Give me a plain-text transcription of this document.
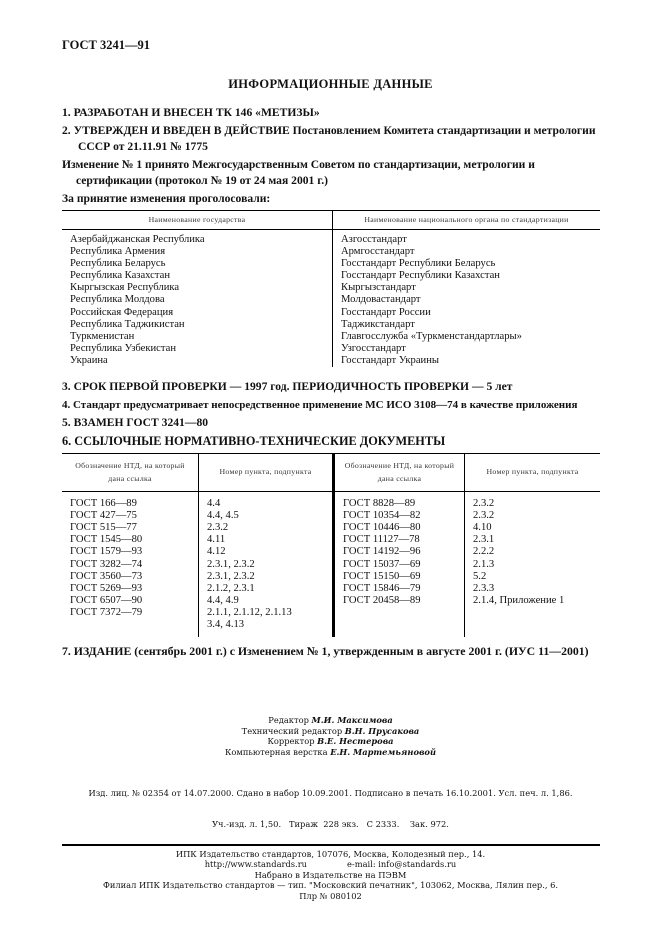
ГОСТ 3241—91
ИНФОРМАЦИОННЫЕ ДАННЫЕ
1. РАЗРАБОТАН И ВНЕСЕН ТК 146 «МЕТИЗЫ»
2. УТВЕРЖДЕН И ВВЕДЕН В ДЕЙСТВИЕ Постановлением Комитета стандартизации и метрологии СССР от 21.11.91 № 1775
Изменение № 1 принято Межгосударственным Советом по стандартизации, метрологии и сертификации (протокол № 19 от 24 мая 2001 г.)
За принятие изменения проголосовали:
Наименование государства	Наименование национального органа по стандартизации
Азербайджанская Республика	Азгосстандарт
Республика Армения	Армгосстандарт
Республика Беларусь	Госстандарт Республики Беларусь
Республика Казахстан	Госстандарт Республики Казахстан
Кыргызская Республика	Кыргызстандарт
Республика Молдова	Молдовастандарт
Российская Федерация	Госстандарт России
Республика Таджикистан	Таджикстандарт
Туркменистан	Главгосслужба «Туркменстандартлары»
Республика Узбекистан	Узгосстандарт
Украина	Госстандарт Украины
3. СРОК ПЕРВОЙ ПРОВЕРКИ — 1997 год. ПЕРИОДИЧНОСТЬ ПРОВЕРКИ — 5 лет
4. Стандарт предусматривает непосредственное применение МС ИСО 3108—74 в качестве приложения
5. ВЗАМЕН ГОСТ 3241—80
6. ССЫЛОЧНЫЕ НОРМАТИВНО-ТЕХНИЧЕСКИЕ ДОКУМЕНТЫ
Обозначение НТД, на который дана ссылка	Номер пункта, подпункта	Обозначение НТД, на который дана ссылка	Номер пункта, подпункта
ГОСТ 166—89	4.4	ГОСТ 8828—89	2.3.2
ГОСТ 427—75	4.4, 4.5	ГОСТ 10354—82	2.3.2
ГОСТ 515—77	2.3.2	ГОСТ 10446—80	4.10
ГОСТ 1545—80	4.11	ГОСТ 11127—78	2.3.1
ГОСТ 1579—93	4.12	ГОСТ 14192—96	2.2.2
ГОСТ 3282—74	2.3.1, 2.3.2	ГОСТ 15037—69	2.1.3
ГОСТ 3560—73	2.3.1, 2.3.2	ГОСТ 15150—69	5.2
ГОСТ 5269—93	2.1.2, 2.3.1	ГОСТ 15846—79	2.3.3
ГОСТ 6507—90	4.4, 4.9	ГОСТ 20458—89	2.1.4, Приложение 1
ГОСТ 7372—79	2.1.1, 2.1.12, 2.1.13		
	3.4, 4.13		
7. ИЗДАНИЕ (сентябрь 2001 г.) с Изменением № 1, утвержденным в августе 2001 г. (ИУС 11—2001)
Редактор М.И. Максимова
Технический редактор В.Н. Прусакова
Корректор В.Е. Нестерова
Компьютерная верстка Е.Н. Мартемьяновой

Изд. лиц. № 02354 от 14.07.2000. Сдано в набор 10.09.2001. Подписано в печать 16.10.2001. Усл. печ. л. 1,86.

Уч.-изд. л. 1,50.   Тираж  228 экз.   С 2333.    Зак. 972.

ИПК Издательство стандартов, 107076, Москва, Колодезный пер., 14.
http://www.standards.ru	e-mail: info@standards.ru
Набрано в Издательстве на ПЭВМ
Филиал ИПК Издательство стандартов — тип. "Московский печатник", 103062, Москва, Лялин пер., 6.
Плр № 080102
